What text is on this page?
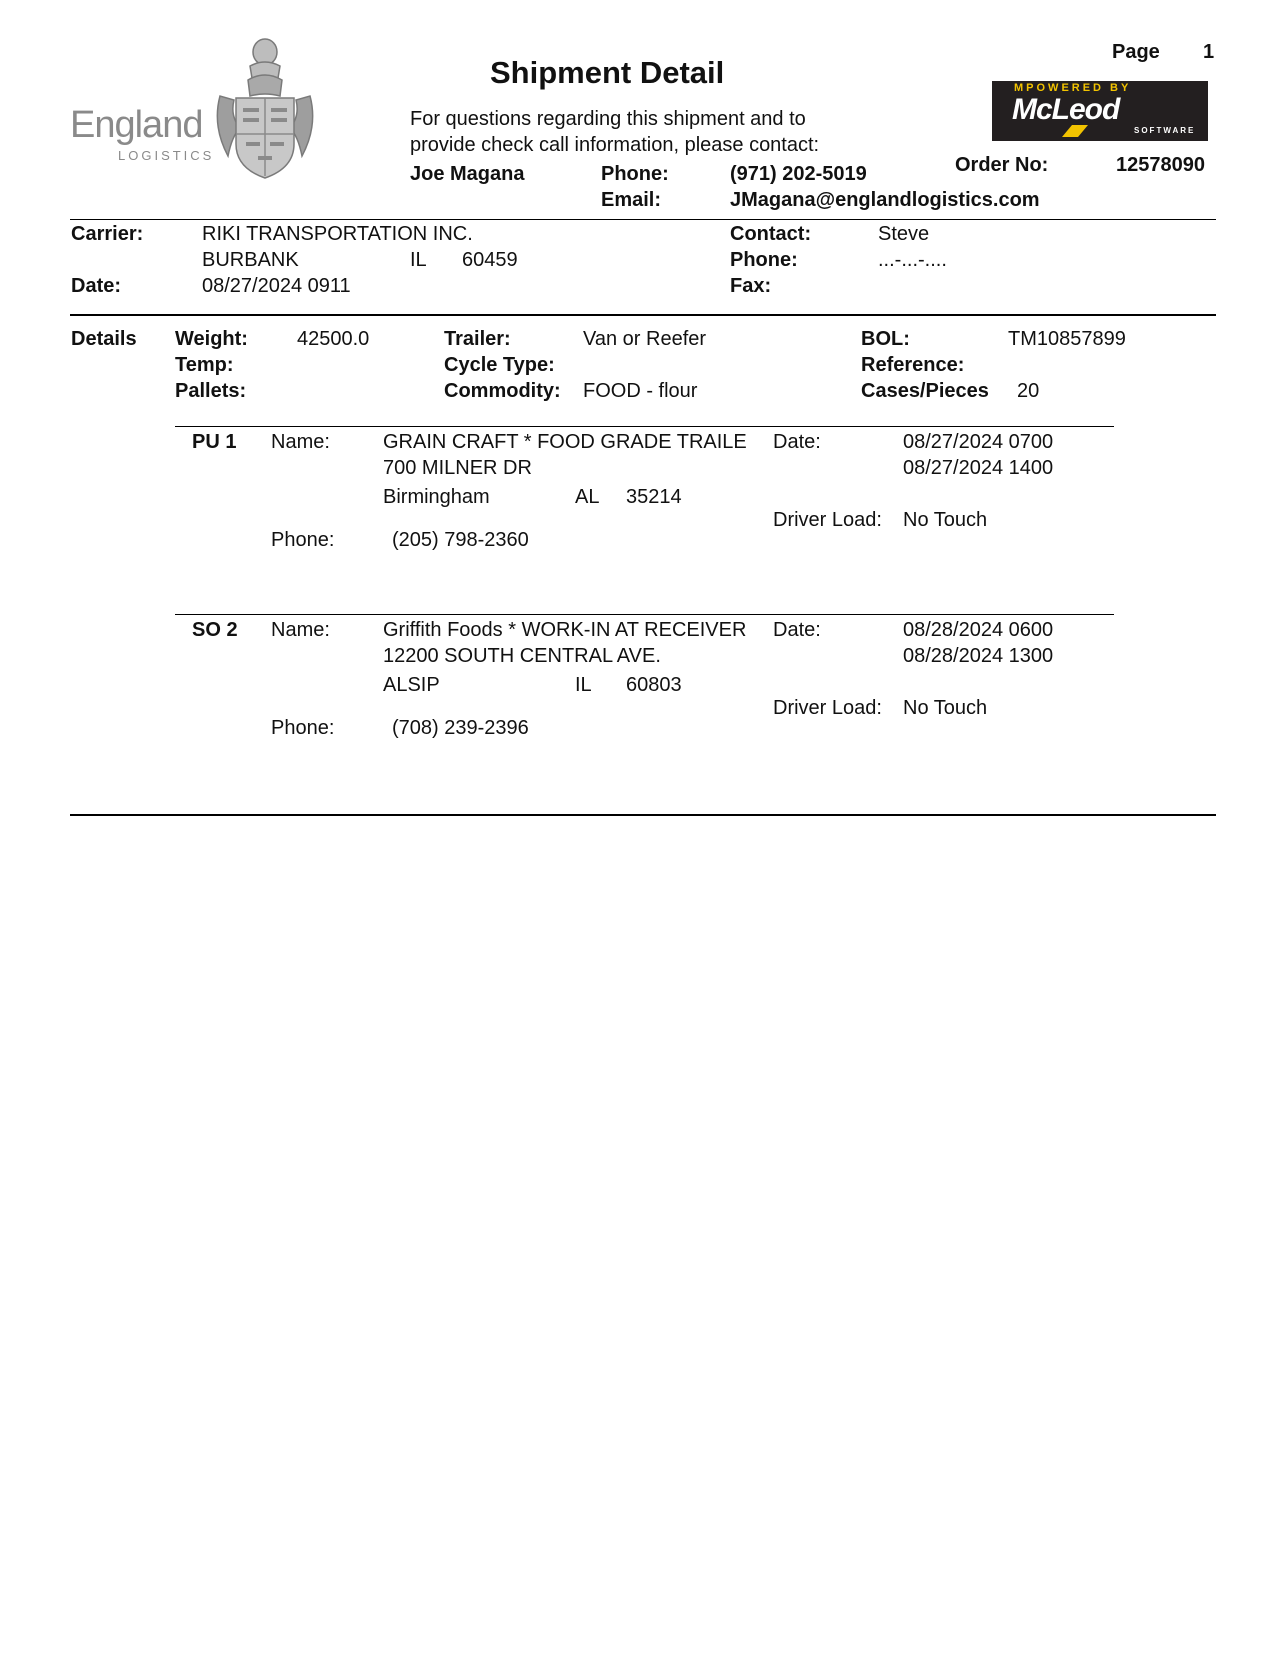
England
LOGISTICS
Shipment Detail
Page 1
MPOWERED BY
McLeod
SOFTWARE
For questions regarding this shipment and to
provide check call information, please contact:
Joe Magana	Phone:	(971) 202-5019
Email:	JMagana@englandlogistics.com
Order No:	12578090
Carrier:	RIKI TRANSPORTATION INC.
BURBANK	IL 60459
Date:	08/27/2024 0911
Contact:	Steve
Phone:	...-...-....
Fax:
Details Weight: 42500.0
Temp:
Pallets:
Trailer:	Van or Reefer
Cycle Type:
Commodity: FOOD - flour
BOL:	TM10857899
Reference:
Cases/Pieces 20
PU 1 Name:	GRAIN CRAFT * FOOD GRADE TRAILE
700 MILNER DR
Birmingham	AL 35214
Phone:	(205) 798-2360
Date:	08/27/2024 0700
08/27/2024 1400
Driver Load: No Touch
SO 2 Name:	Griffith Foods * WORK-IN AT RECEIVER
12200 SOUTH CENTRAL AVE.
ALSIP	IL 60803
Phone:	(708) 239-2396
Date:	08/28/2024 0600
08/28/2024 1300
Driver Load: No Touch
